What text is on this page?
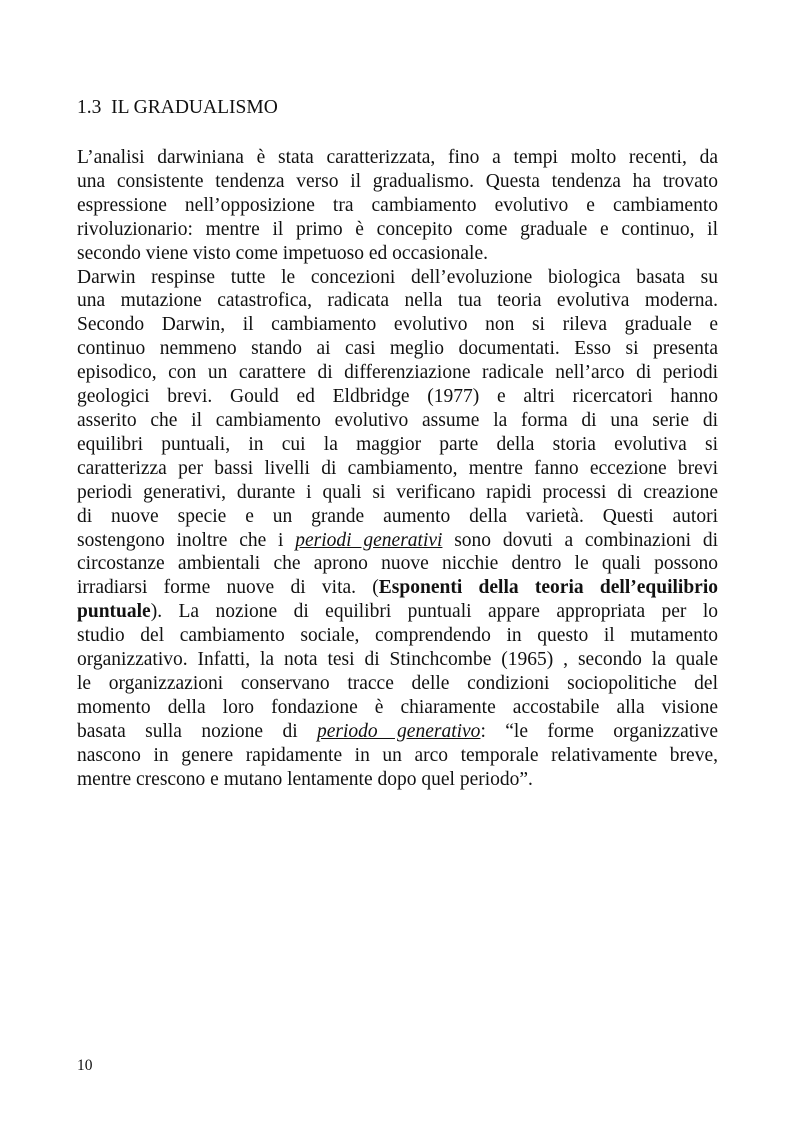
1.3  IL GRADUALISMO

L’analisi darwiniana è stata caratterizzata, fino a tempi molto recenti, da
una consistente tendenza verso il gradualismo. Questa tendenza ha trovato
espressione nell’opposizione tra cambiamento evolutivo e cambiamento
rivoluzionario: mentre il primo è concepito come graduale e continuo, il
secondo viene visto come impetuoso ed occasionale.

Darwin respinse tutte le concezioni dell’evoluzione biologica basata su
una mutazione catastrofica, radicata nella tua teoria evolutiva moderna.
Secondo Darwin, il cambiamento evolutivo non si rileva graduale e
continuo nemmeno stando ai casi meglio documentati. Esso si presenta
episodico, con un carattere di differenziazione radicale nell’arco di periodi
geologici brevi. Gould ed Eldbridge (1977) e altri ricercatori hanno
asserito che il cambiamento evolutivo assume la forma di una serie di
equilibri puntuali, in cui la maggior parte della storia evolutiva si
caratterizza per bassi livelli di cambiamento, mentre fanno eccezione brevi
periodi generativi, durante i quali si verificano rapidi processi di creazione
di nuove specie e un grande aumento della varietà. Questi autori
sostengono inoltre che i periodi generativi sono dovuti a combinazioni di
circostanze ambientali che aprono nuove nicchie dentro le quali possono
irradiarsi forme nuove di vita. (Esponenti della teoria dell’equilibrio
puntuale). La nozione di equilibri puntuali appare appropriata per lo
studio del cambiamento sociale, comprendendo in questo il mutamento
organizzativo. Infatti, la nota tesi di Stinchcombe (1965) , secondo la quale
le organizzazioni conservano tracce delle condizioni sociopolitiche del
momento della loro fondazione è chiaramente accostabile alla visione
basata sulla nozione di periodo generativo: “le forme organizzative
nascono in genere rapidamente in un arco temporale relativamente breve,
mentre crescono e mutano lentamente dopo quel periodo”.

10
